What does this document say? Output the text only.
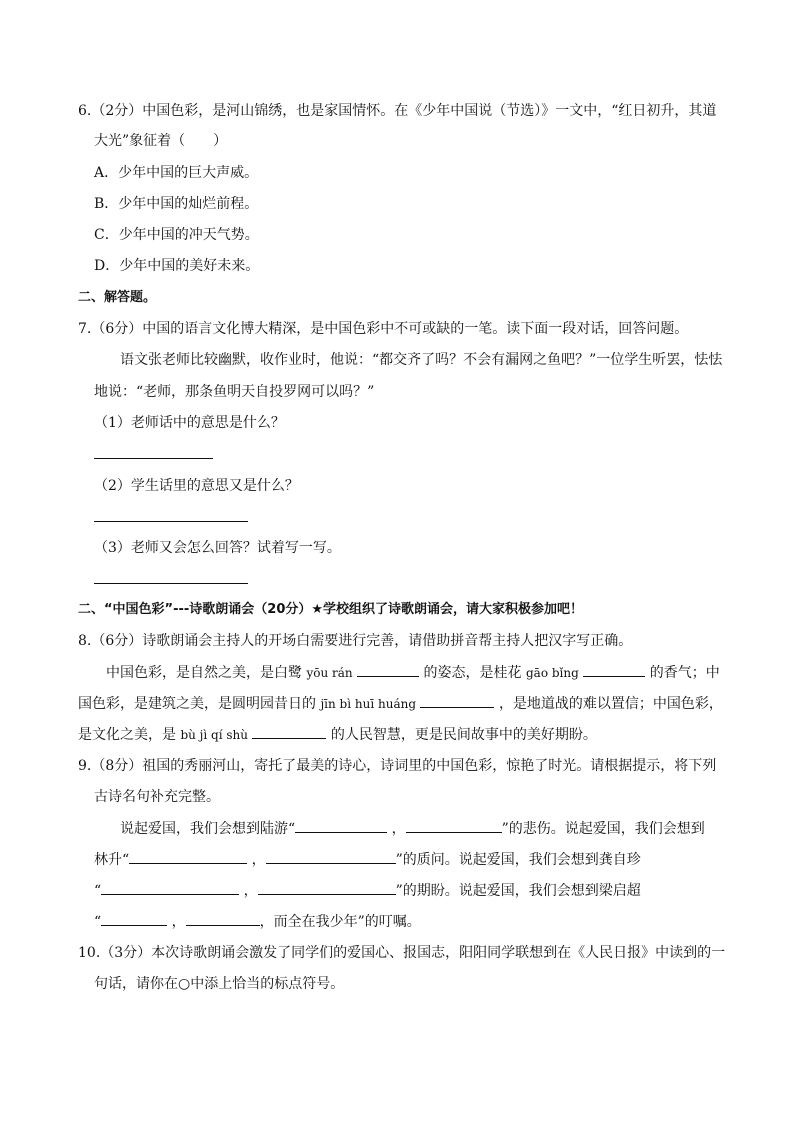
6.（2分）中国色彩，是河山锦绣，也是家国情怀。在《少年中国说（节选）》一文中，“红日初升，其道
大光”象征着（　　）
A．少年中国的巨大声威。
B．少年中国的灿烂前程。
C．少年中国的冲天气势。
D．少年中国的美好未来。
二、解答题。
7.（6分）中国的语言文化博大精深，是中国色彩中不可或缺的一笔。读下面一段对话，回答问题。
语文张老师比较幽默，收作业时，他说：“都交齐了吗？不会有漏网之鱼吧？”一位学生听罢，怯怯
地说：“老师，那条鱼明天自投罗网可以吗？”
（1）老师话中的意思是什么？
（2）学生话里的意思又是什么？
（3）老师又会怎么回答？试着写一写。
二、“中国色彩”---诗歌朗诵会（20分）★学校组织了诗歌朗诵会，请大家积极参加吧！
8.（6分）诗歌朗诵会主持人的开场白需要进行完善，请借助拼音帮主持人把汉字写正确。
中国色彩，是自然之美，是白鹭 yōu rán	的姿态，是桂花 gāo bǐng	的香气；中
国色彩，是建筑之美，是圆明园昔日的 jīn bì huī huáng	，是地道战的难以置信；中国色彩，
是文化之美，是 bù jì qí shù	的人民智慧，更是民间故事中的美好期盼。
9.（8分）祖国的秀丽河山，寄托了最美的诗心，诗词里的中国色彩，惊艳了时光。请根据提示，将下列
古诗名句补充完整。
说起爱国，我们会想到陆游“	，	”的悲伤。说起爱国，我们会想到
林升“	，	”的质问。说起爱国，我们会想到龚自珍
“	，	”的期盼。说起爱国，我们会想到梁启超
“	，	，而全在我少年”的叮嘱。
10.（3分）本次诗歌朗诵会激发了同学们的爱国心、报国志，阳阳同学联想到在《人民日报》中读到的一
句话，请你在○中添上恰当的标点符号。
